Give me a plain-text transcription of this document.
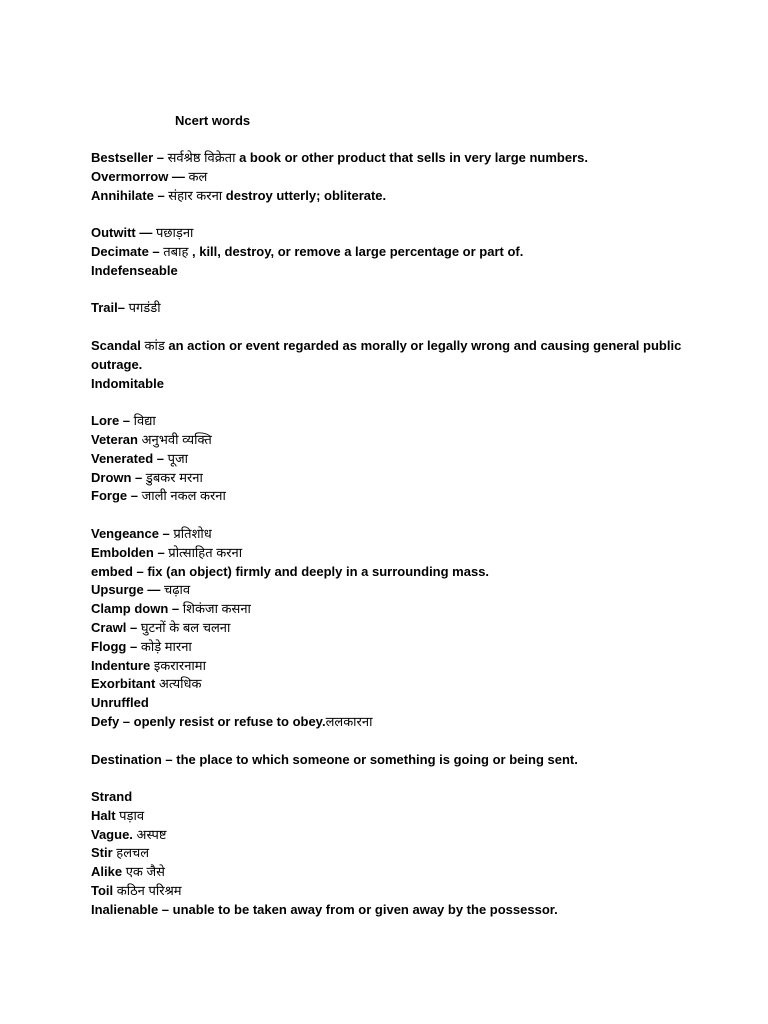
Ncert words
Bestseller – सर्वश्रेष्ठ विक्रेता a book or other product that sells in very large numbers.
Overmorrow — कल
Annihilate – संहार करना destroy utterly; obliterate.
Outwitt — पछाड़ना
Decimate – तबाह , kill, destroy, or remove a large percentage or part of.
Indefenseable
Trail– पगडंडी
Scandal कांड an action or event regarded as morally or legally wrong and causing general public outrage.
Indomitable
Lore – विद्या
Veteran अनुभवी व्यक्ति
Venerated – पूजा
Drown – डुबकर मरना
Forge – जाली नकल करना
Vengeance – प्रतिशोध
Embolden – प्रोत्साहित करना
embed – fix (an object) firmly and deeply in a surrounding mass.
Upsurge — चढ़ाव
Clamp down – शिकंजा कसना
Crawl – घुटनों के बल चलना
Flogg – कोड़े मारना
Indenture इकरारनामा
Exorbitant अत्यधिक
Unruffled
Defy – openly resist or refuse to obey.ललकारना
Destination – the place to which someone or something is going or being sent.
Strand
Halt पड़ाव
Vague. अस्पष्ट
Stir हलचल
Alike एक जैसे
Toil कठिन परिश्रम
Inalienable – unable to be taken away from or given away by the possessor.
